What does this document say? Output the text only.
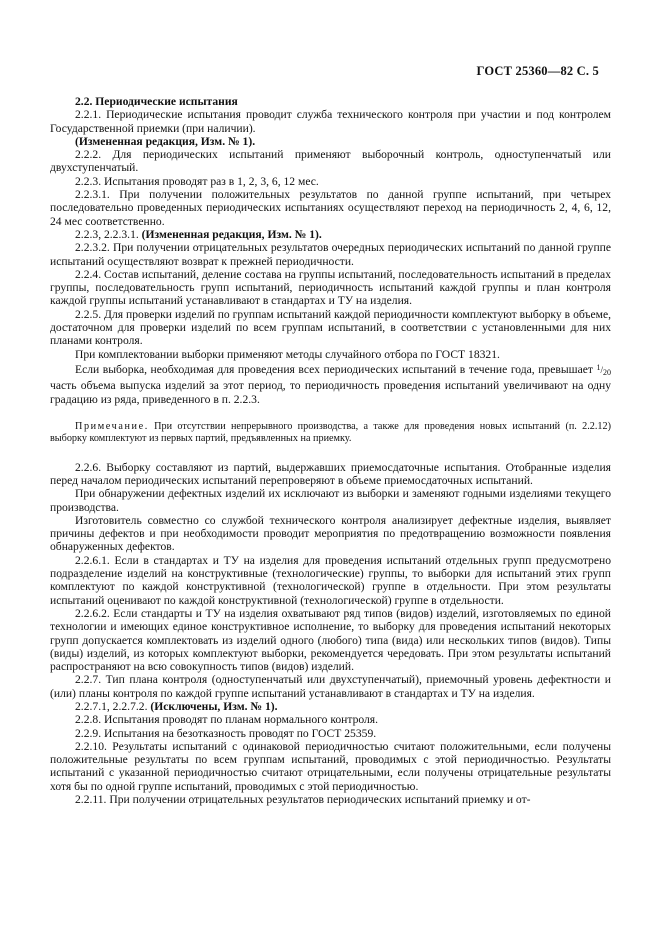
ГОСТ 25360—82 С. 5

2.2. Периодические испытания

2.2.1. Периодические испытания проводит служба технического контроля при участии и под контролем Государственной приемки (при наличии).

(Измененная редакция, Изм. № 1).

2.2.2. Для периодических испытаний применяют выборочный контроль, одноступенчатый или двухступенчатый.

2.2.3. Испытания проводят раз в 1, 2, 3, 6, 12 мес.

2.2.3.1. При получении положительных результатов по данной группе испытаний, при четырех последовательно проведенных периодических испытаниях осуществляют переход на периодичность 2, 4, 6, 12, 24 мес соответственно.

2.2.3, 2.2.3.1. (Измененная редакция, Изм. № 1).

2.2.3.2. При получении отрицательных результатов очередных периодических испытаний по данной группе испытаний осуществляют возврат к прежней периодичности.

2.2.4. Состав испытаний, деление состава на группы испытаний, последовательность испытаний в пределах группы, последовательность групп испытаний, периодичность испытаний каждой группы и план контроля каждой группы испытаний устанавливают в стандартах и ТУ на изделия.

2.2.5. Для проверки изделий по группам испытаний каждой периодичности комплектуют выборку в объеме, достаточном для проверки изделий по всем группам испытаний, в соответствии с установленными для них планами контроля.

При комплектовании выборки применяют методы случайного отбора по ГОСТ 18321.

Если выборка, необходимая для проведения всех периодических испытаний в течение года, превышает $^1/_{20}$ часть объема выпуска изделий за этот период, то периодичность проведения испытаний увеличивают на одну градацию из ряда, приведенного в п. 2.2.3.

Примечание. При отсутствии непрерывного производства, а также для проведения новых испытаний (п. 2.2.12) выборку комплектуют из первых партий, предъявленных на приемку.

2.2.6. Выборку составляют из партий, выдержавших приемосдаточные испытания. Отобранные изделия перед началом периодических испытаний перепроверяют в объеме приемосдаточных испытаний.

При обнаружении дефектных изделий их исключают из выборки и заменяют годными изделиями текущего производства.

Изготовитель совместно со службой технического контроля анализирует дефектные изделия, выявляет причины дефектов и при необходимости проводит мероприятия по предотвращению возможности появления обнаруженных дефектов.

2.2.6.1. Если в стандартах и ТУ на изделия для проведения испытаний отдельных групп предусмотрено подразделение изделий на конструктивные (технологические) группы, то выборки для испытаний этих групп комплектуют по каждой конструктивной (технологической) группе в отдельности. При этом результаты испытаний оценивают по каждой конструктивной (технологической) группе в отдельности.

2.2.6.2. Если стандарты и ТУ на изделия охватывают ряд типов (видов) изделий, изготовляемых по единой технологии и имеющих единое конструктивное исполнение, то выборку для проведения испытаний некоторых групп допускается комплектовать из изделий одного (любого) типа (вида) или нескольких типов (видов). Типы (виды) изделий, из которых комплектуют выборки, рекомендуется чередовать. При этом результаты испытаний распространяют на всю совокупность типов (видов) изделий.

2.2.7. Тип плана контроля (одноступенчатый или двухступенчатый), приемочный уровень дефектности и (или) планы контроля по каждой группе испытаний устанавливают в стандартах и ТУ на изделия.

2.2.7.1, 2.2.7.2. (Исключены, Изм. № 1).

2.2.8. Испытания проводят по планам нормального контроля.

2.2.9. Испытания на безотказность проводят по ГОСТ 25359.

2.2.10. Результаты испытаний с одинаковой периодичностью считают положительными, если получены положительные результаты по всем группам испытаний, проводимых с этой периодичностью. Результаты испытаний с указанной периодичностью считают отрицательными, если получены отрицательные результаты хотя бы по одной группе испытаний, проводимых с этой периодичностью.

2.2.11. При получении отрицательных результатов периодических испытаний приемку и от-
